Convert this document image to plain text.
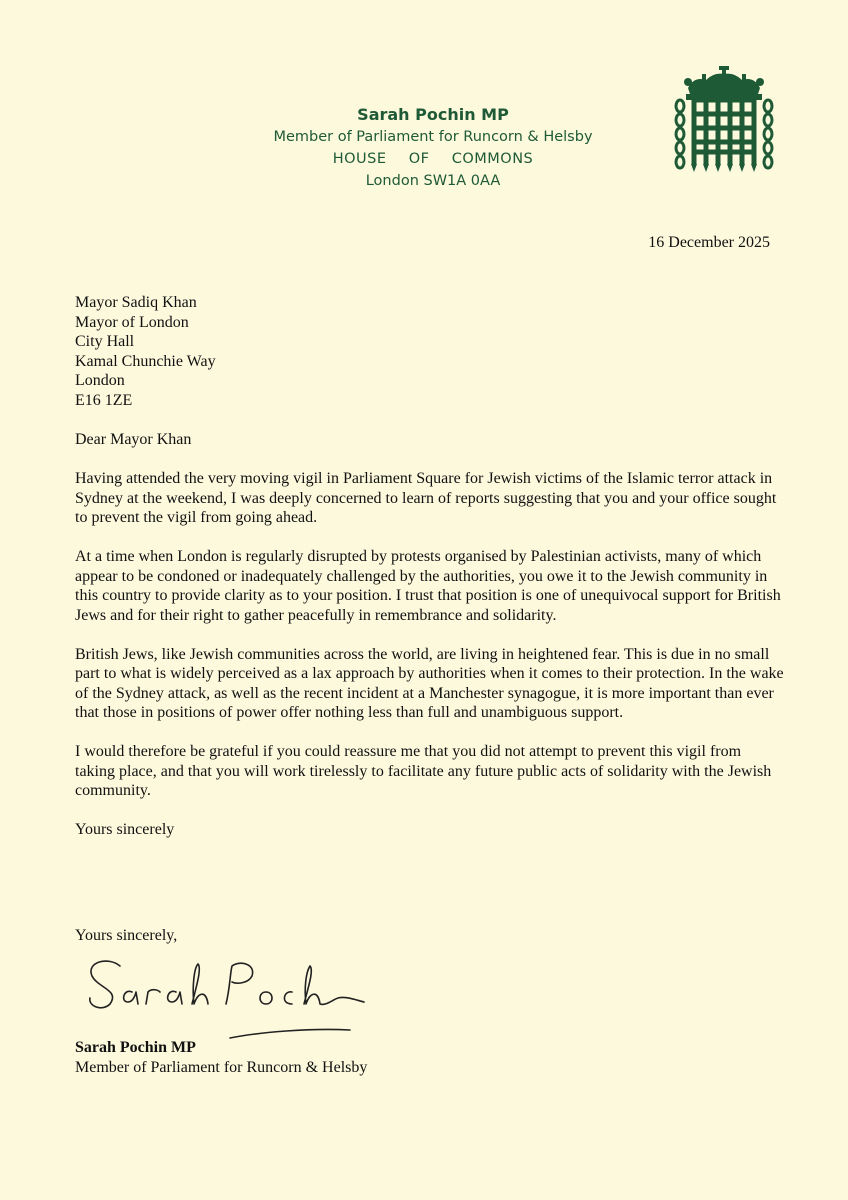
Sarah Pochin MP
Member of Parliament for Runcorn & Helsby
HOUSE  OF  COMMONS
London SW1A 0AA
16 December 2025
Mayor Sadiq Khan
Mayor of London
City Hall
Kamal Chunchie Way
London
E16 1ZE

Dear Mayor Khan

Having attended the very moving vigil in Parliament Square for Jewish victims of the Islamic terror attack in Sydney at the weekend, I was deeply concerned to learn of reports suggesting that you and your office sought to prevent the vigil from going ahead.

At a time when London is regularly disrupted by protests organised by Palestinian activists, many of which appear to be condoned or inadequately challenged by the authorities, you owe it to the Jewish community in this country to provide clarity as to your position. I trust that position is one of unequivocal support for British Jews and for their right to gather peacefully in remembrance and solidarity.

British Jews, like Jewish communities across the world, are living in heightened fear. This is due in no small part to what is widely perceived as a lax approach by authorities when it comes to their protection. In the wake of the Sydney attack, as well as the recent incident at a Manchester synagogue, it is more important than ever that those in positions of power offer nothing less than full and unambiguous support.

I would therefore be grateful if you could reassure me that you did not attempt to prevent this vigil from taking place, and that you will work tirelessly to facilitate any future public acts of solidarity with the Jewish community.

Yours sincerely

Yours sincerely,
Sarah Pochin MP
Member of Parliament for Runcorn & Helsby
